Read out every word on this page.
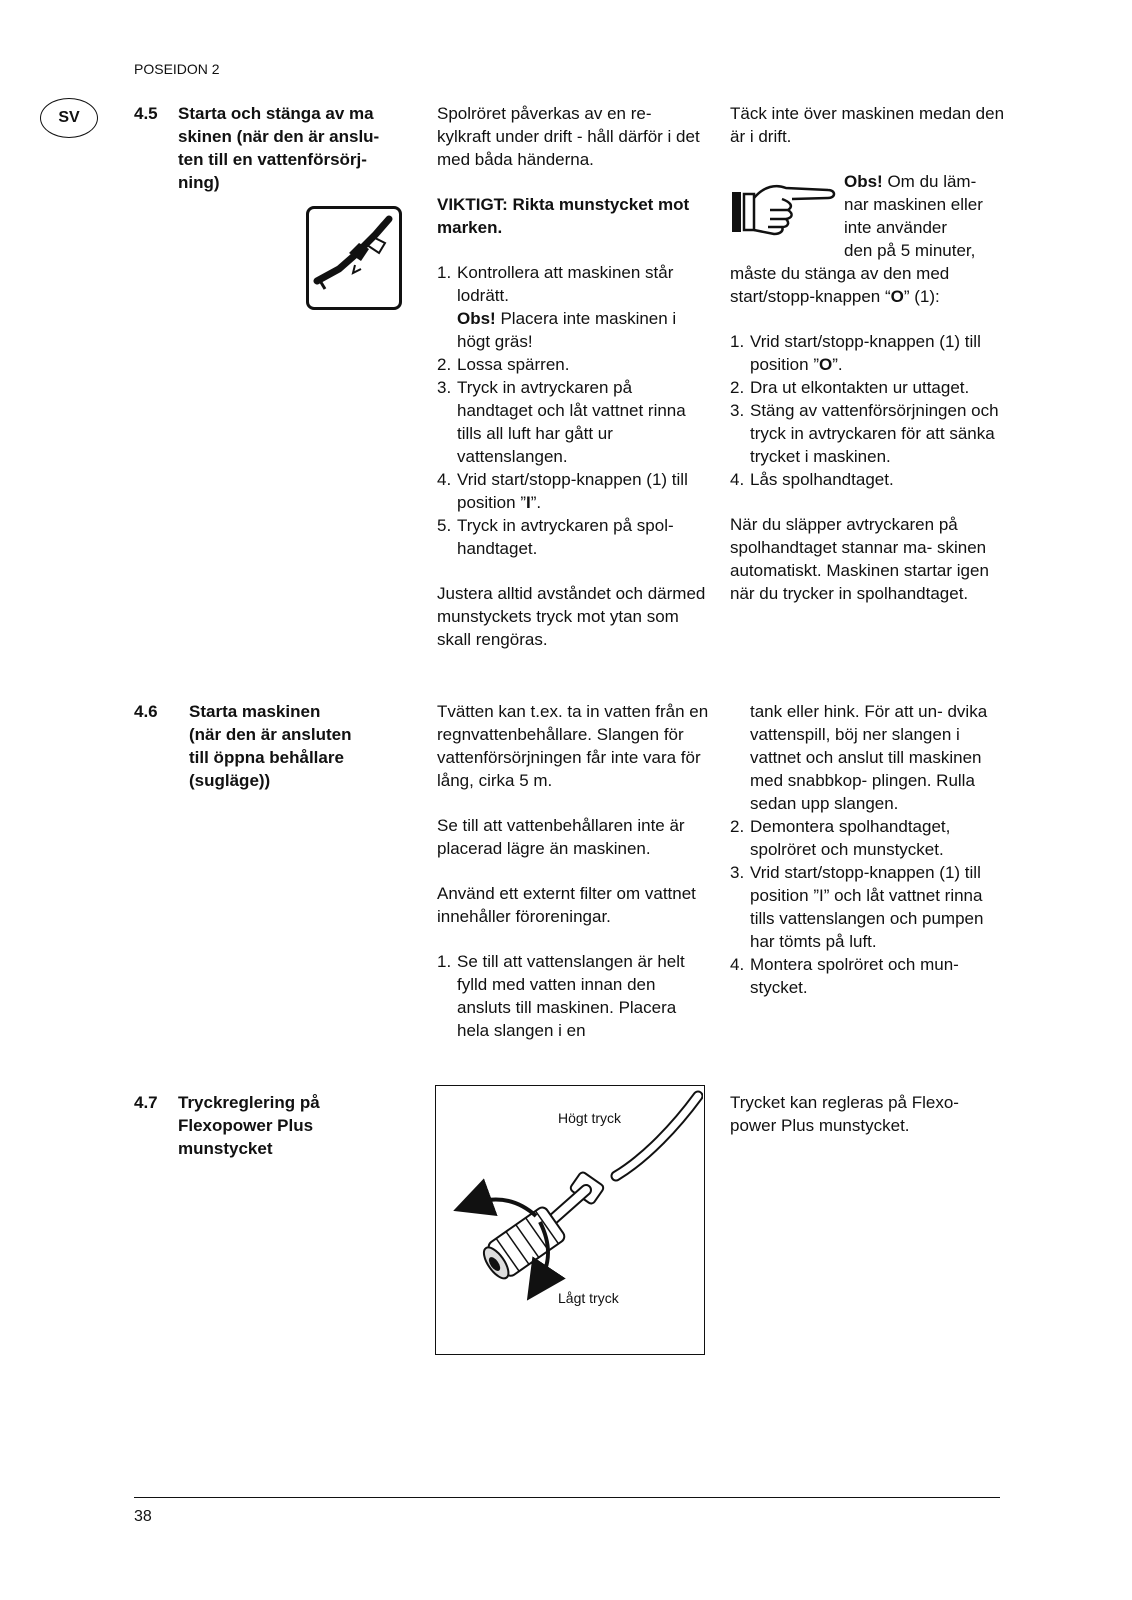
POSEIDON 2
SV	4.5 Starta och stänga av ma
skinen (när den är anslu-
ten till en vattenförsörj-
ning)

Spolröret påverkas av en re- kylkraft under drift - håll därför i det med båda händerna.

VIKTIGT: Rikta munstycket mot marken.

1. Kontrollera att maskinen står lodrätt.
Obs! Placera inte maskinen i högt gräs!
2. Lossa spärren.
3. Tryck in avtryckaren på handtaget och låt vattnet rinna tills all luft har gått ur vattenslangen.
4. Vrid start/stopp-knappen (1) till position ”I”.
5. Tryck in avtryckaren på spol- handtaget.

Justera alltid avståndet och därmed munstyckets tryck mot ytan som skall rengöras.

Täck inte över maskinen medan den är i drift.

Obs! Om du läm-
nar maskinen eller
inte använder
den på 5 minuter,

måste du stänga av den med start/stopp-knappen “O” (1):

1. Vrid start/stopp-knappen (1) till position ”O”.
2. Dra ut elkontakten ur uttaget.
3. Stäng av vattenförsörjningen och tryck in avtryckaren för att sänka trycket i maskinen.
4. Lås spolhandtaget.

När du släpper avtryckaren på spolhandtaget stannar ma- skinen automatiskt. Maskinen startar igen när du trycker in spolhandtaget.

4.6 Starta maskinen
(när den är ansluten
till öppna behållare
(sugläge))

Tvätten kan t.ex. ta in vatten från en regnvattenbehållare. Slangen för vattenförsörjningen får inte vara för lång, cirka 5 m.

Se till att vattenbehållaren inte är placerad lägre än maskinen.

Använd ett externt filter om vattnet innehåller föroreningar.

1. Se till att vattenslangen är helt fylld med vatten innan den ansluts till maskinen. Placera hela slangen i en
tank eller hink. För att un- dvika vattenspill, böj ner slangen i vattnet och anslut till maskinen med snabbkop- plingen. Rulla sedan upp slangen.
2. Demontera spolhandtaget, spolröret och munstycket.
3. Vrid start/stopp-knappen (1) till position ”I” och låt vattnet rinna tills vattenslangen och pumpen har tömts på luft.
4. Montera spolröret och mun- stycket.
4.7 Tryckreglering på
Flexopower Plus
munstycket
Högt tryck
Lågt tryck

Trycket kan regleras på Flexo- power Plus munstycket.

38
